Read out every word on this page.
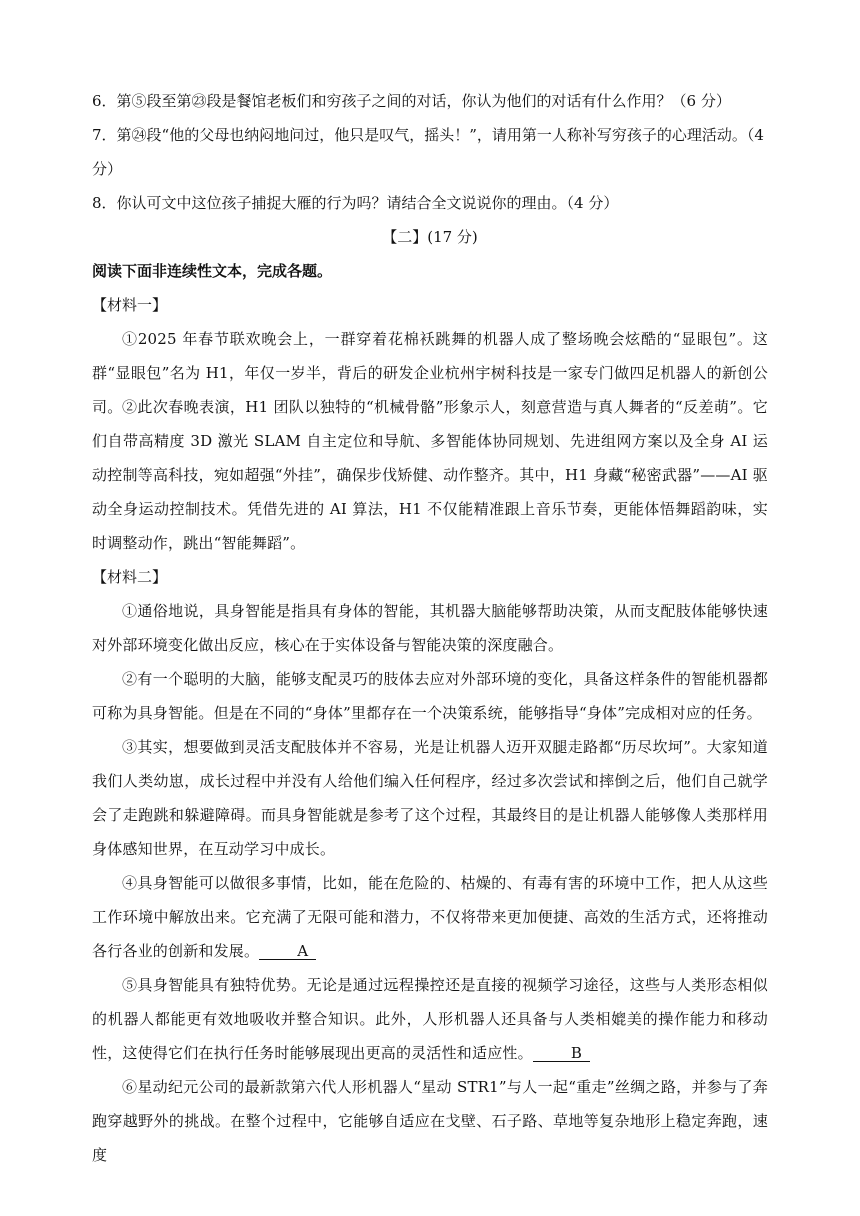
6．第⑤段至第㉓段是餐馆老板们和穷孩子之间的对话，你认为他们的对话有什么作用？（6 分）
7．第㉔段“他的父母也纳闷地问过，他只是叹气，摇头！”，请用第一人称补写穷孩子的心理活动。（4 分）
8．你认可文中这位孩子捕捉大雁的行为吗？请结合全文说说你的理由。（4 分）
【二】(17 分)
阅读下面非连续性文本，完成各题。
【材料一】
①2025 年春节联欢晚会上，一群穿着花棉袄跳舞的机器人成了整场晚会炫酷的“显眼包”。这群“显眼包”名为 H1，年仅一岁半，背后的研发企业杭州宇树科技是一家专门做四足机器人的新创公司。 ②此次春晚表演，H1 团队以独特的“机械骨骼”形象示人，刻意营造与真人舞者的“反差萌”。它们自带高精度 3D 激光 SLAM 自主定位和导航、多智能体协同规划、先进组网方案以及全身 AI 运动控制等高科技，宛如超强“外挂”，确保步伐矫健、动作整齐。其中，H1 身藏“秘密武器”——AI 驱动全身运动控制技术。凭借先进的 AI 算法，H1 不仅能精准跟上音乐节奏，更能体悟舞蹈韵味，实时调整动作，跳出“智能舞蹈”。
【材料二】
①通俗地说，具身智能是指具有身体的智能，其机器大脑能够帮助决策，从而支配肢体能够快速对外部环境变化做出反应，核心在于实体设备与智能决策的深度融合。
②有一个聪明的大脑，能够支配灵巧的肢体去应对外部环境的变化，具备这样条件的智能机器都可称为具身智能。但是在不同的“身体”里都存在一个决策系统，能够指导“身体”完成相对应的任务。
③其实，想要做到灵活支配肢体并不容易，光是让机器人迈开双腿走路都“历尽坎坷”。大家知道我们人类幼崽，成长过程中并没有人给他们编入任何程序，经过多次尝试和摔倒之后，他们自己就学会了走跑跳和躲避障碍。而具身智能就是参考了这个过程，其最终目的是让机器人能够像人类那样用身体感知世界，在互动学习中成长。
④具身智能可以做很多事情，比如，能在危险的、枯燥的、有毒有害的环境中工作，把人从这些工作环境中解放出来。它充满了无限可能和潜力，不仅将带来更加便捷、高效的生活方式，还将推动各行各业的创新和发展。	A
⑤具身智能具有独特优势。无论是通过远程操控还是直接的视频学习途径，这些与人类形态相似的机器人都能更有效地吸收并整合知识。此外，人形机器人还具备与人类相媲美的操作能力和移动性，这使得它们在执行任务时能够展现出更高的灵活性和适应性。	B
⑥星动纪元公司的最新款第六代人形机器人“星动 STR1”与人一起“重走”丝绸之路，并参与了奔跑穿越野外的挑战。在整个过程中，它能够自适应在戈壁、石子路、草地等复杂地形上稳定奔跑，速度
